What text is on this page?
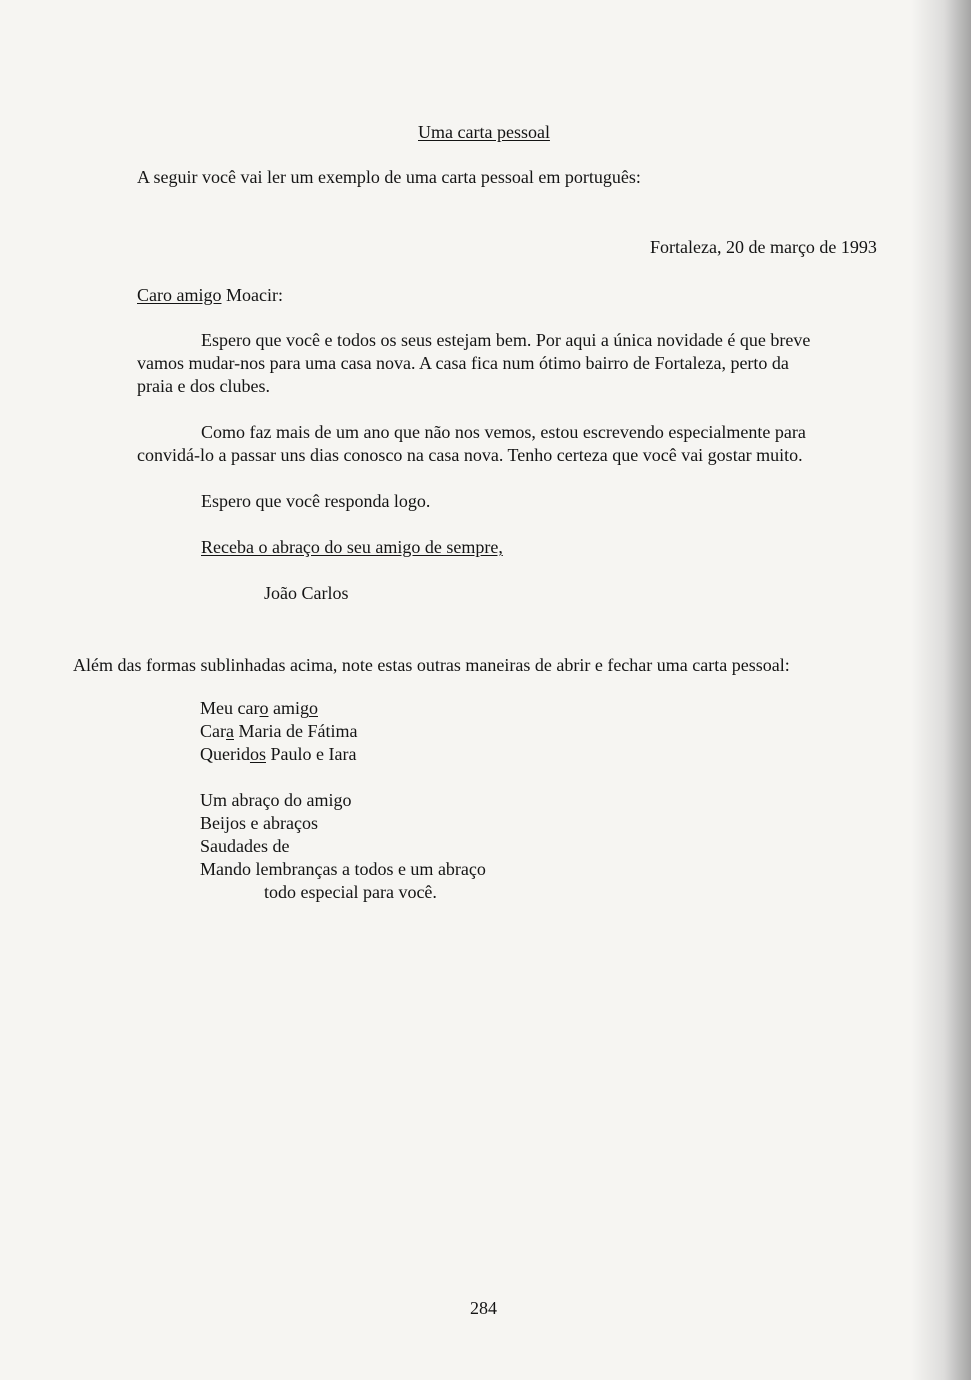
Uma carta pessoal

A seguir você vai ler um exemplo de uma carta pessoal em português:

Fortaleza, 20 de março de 1993

Caro amigo Moacir:

Espero que você e todos os seus estejam bem. Por aqui a única novidade é que breve
vamos mudar-nos para uma casa nova. A casa fica num ótimo bairro de Fortaleza, perto da
praia e dos clubes.
Como faz mais de um ano que não nos vemos, estou escrevendo especialmente para
convidá-lo a passar uns dias conosco na casa nova. Tenho certeza que você vai gostar muito.

Espero que você responda logo.

Receba o abraço do seu amigo de sempre,

João Carlos

Além das formas sublinhadas acima, note estas outras maneiras de abrir e fechar uma carta pessoal:

Meu caro amigo
Cara Maria de Fátima
Queridos Paulo e Iara
Um abraço do amigo
Beijos e abraços
Saudades de
Mando lembranças a todos e um abraço
todo especial para você.

284
